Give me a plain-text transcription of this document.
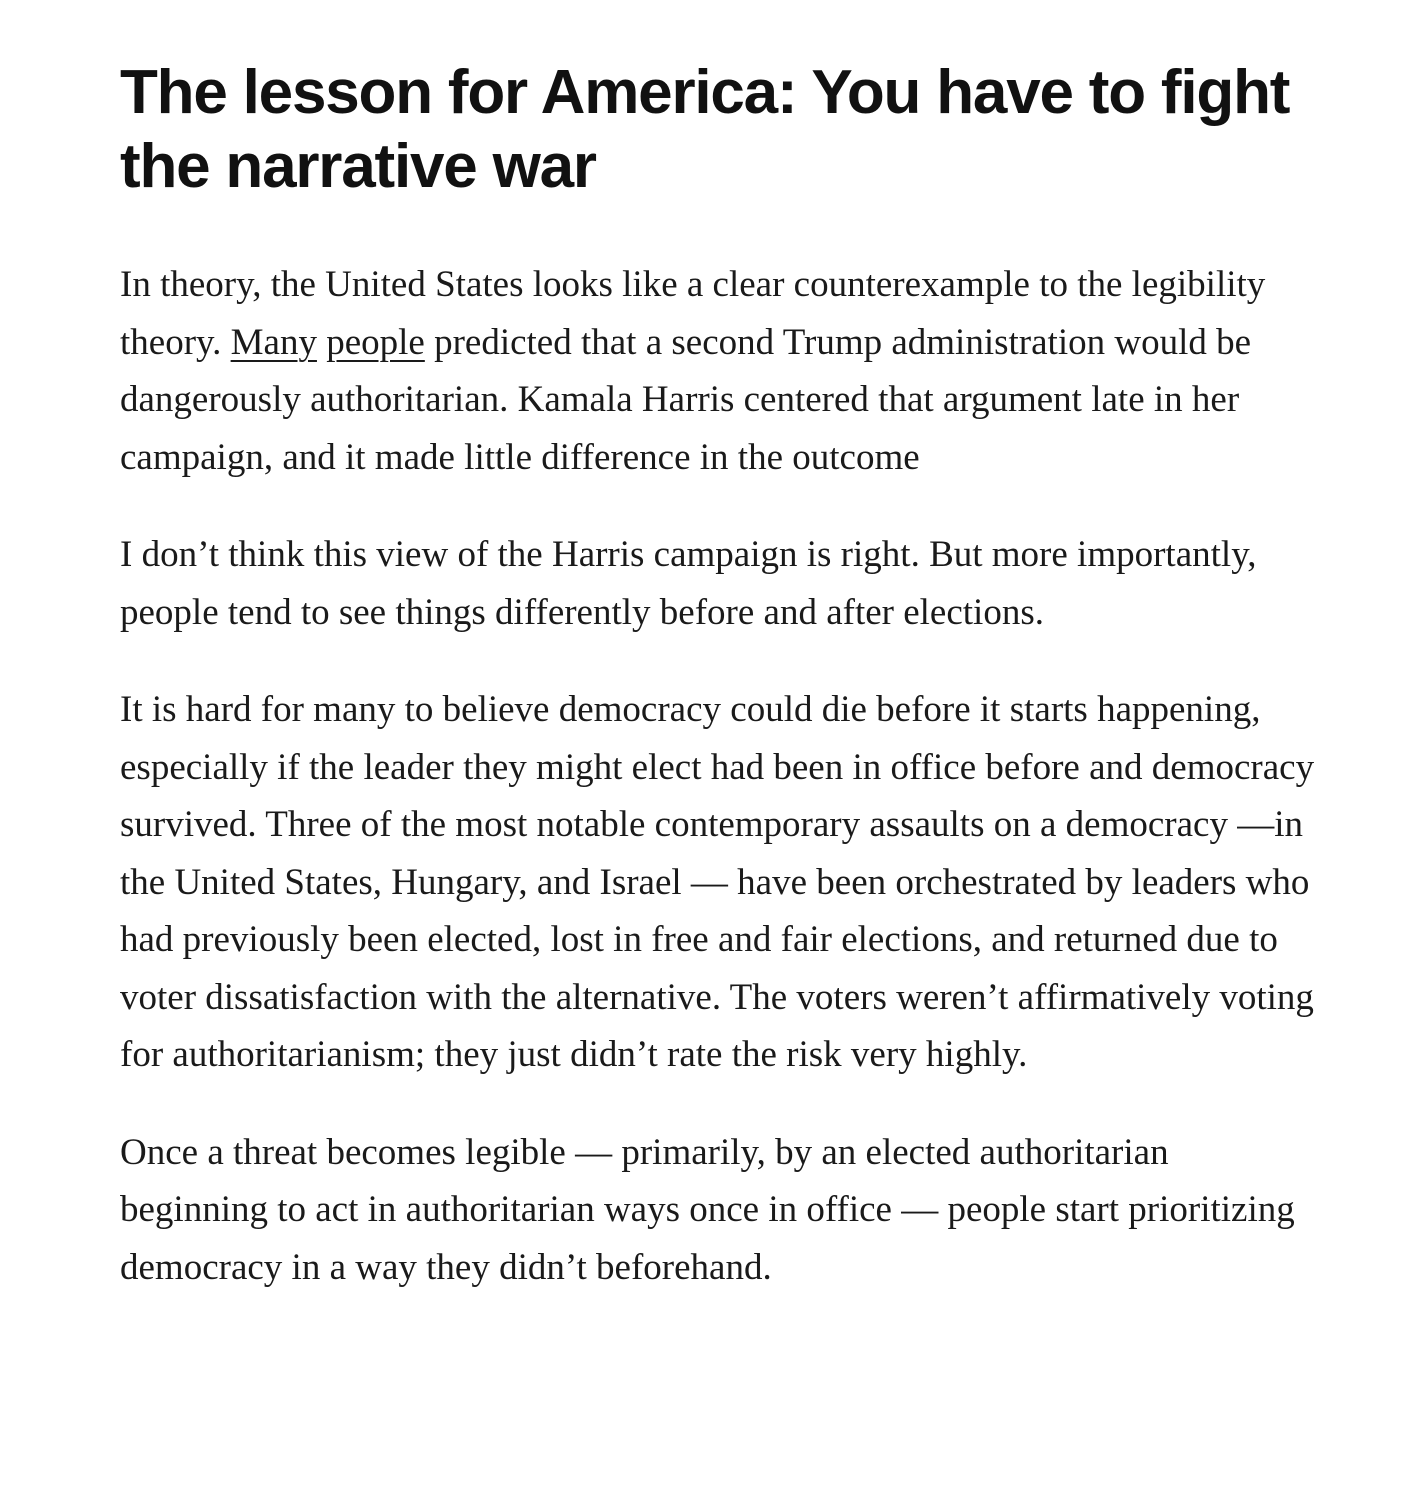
The lesson for America: You have to fight the narrative war

In theory, the United States looks like a clear counterexample to the legibility theory. Many people predicted that a second Trump administration would be dangerously authoritarian. Kamala Harris centered that argument late in her campaign, and it made little difference in the outcome

I don’t think this view of the Harris campaign is right. But more importantly, people tend to see things differently before and after elections.

It is hard for many to believe democracy could die before it starts happening, especially if the leader they might elect had been in office before and democracy survived. Three of the most notable contemporary assaults on a democracy —in the United States, Hungary, and Israel — have been orchestrated by leaders who had previously been elected, lost in free and fair elections, and returned due to voter dissatisfaction with the alternative. The voters weren’t affirmatively voting for authoritarianism; they just didn’t rate the risk very highly.

Once a threat becomes legible — primarily, by an elected authoritarian beginning to act in authoritarian ways once in office — people start prioritizing democracy in a way they didn’t beforehand.
